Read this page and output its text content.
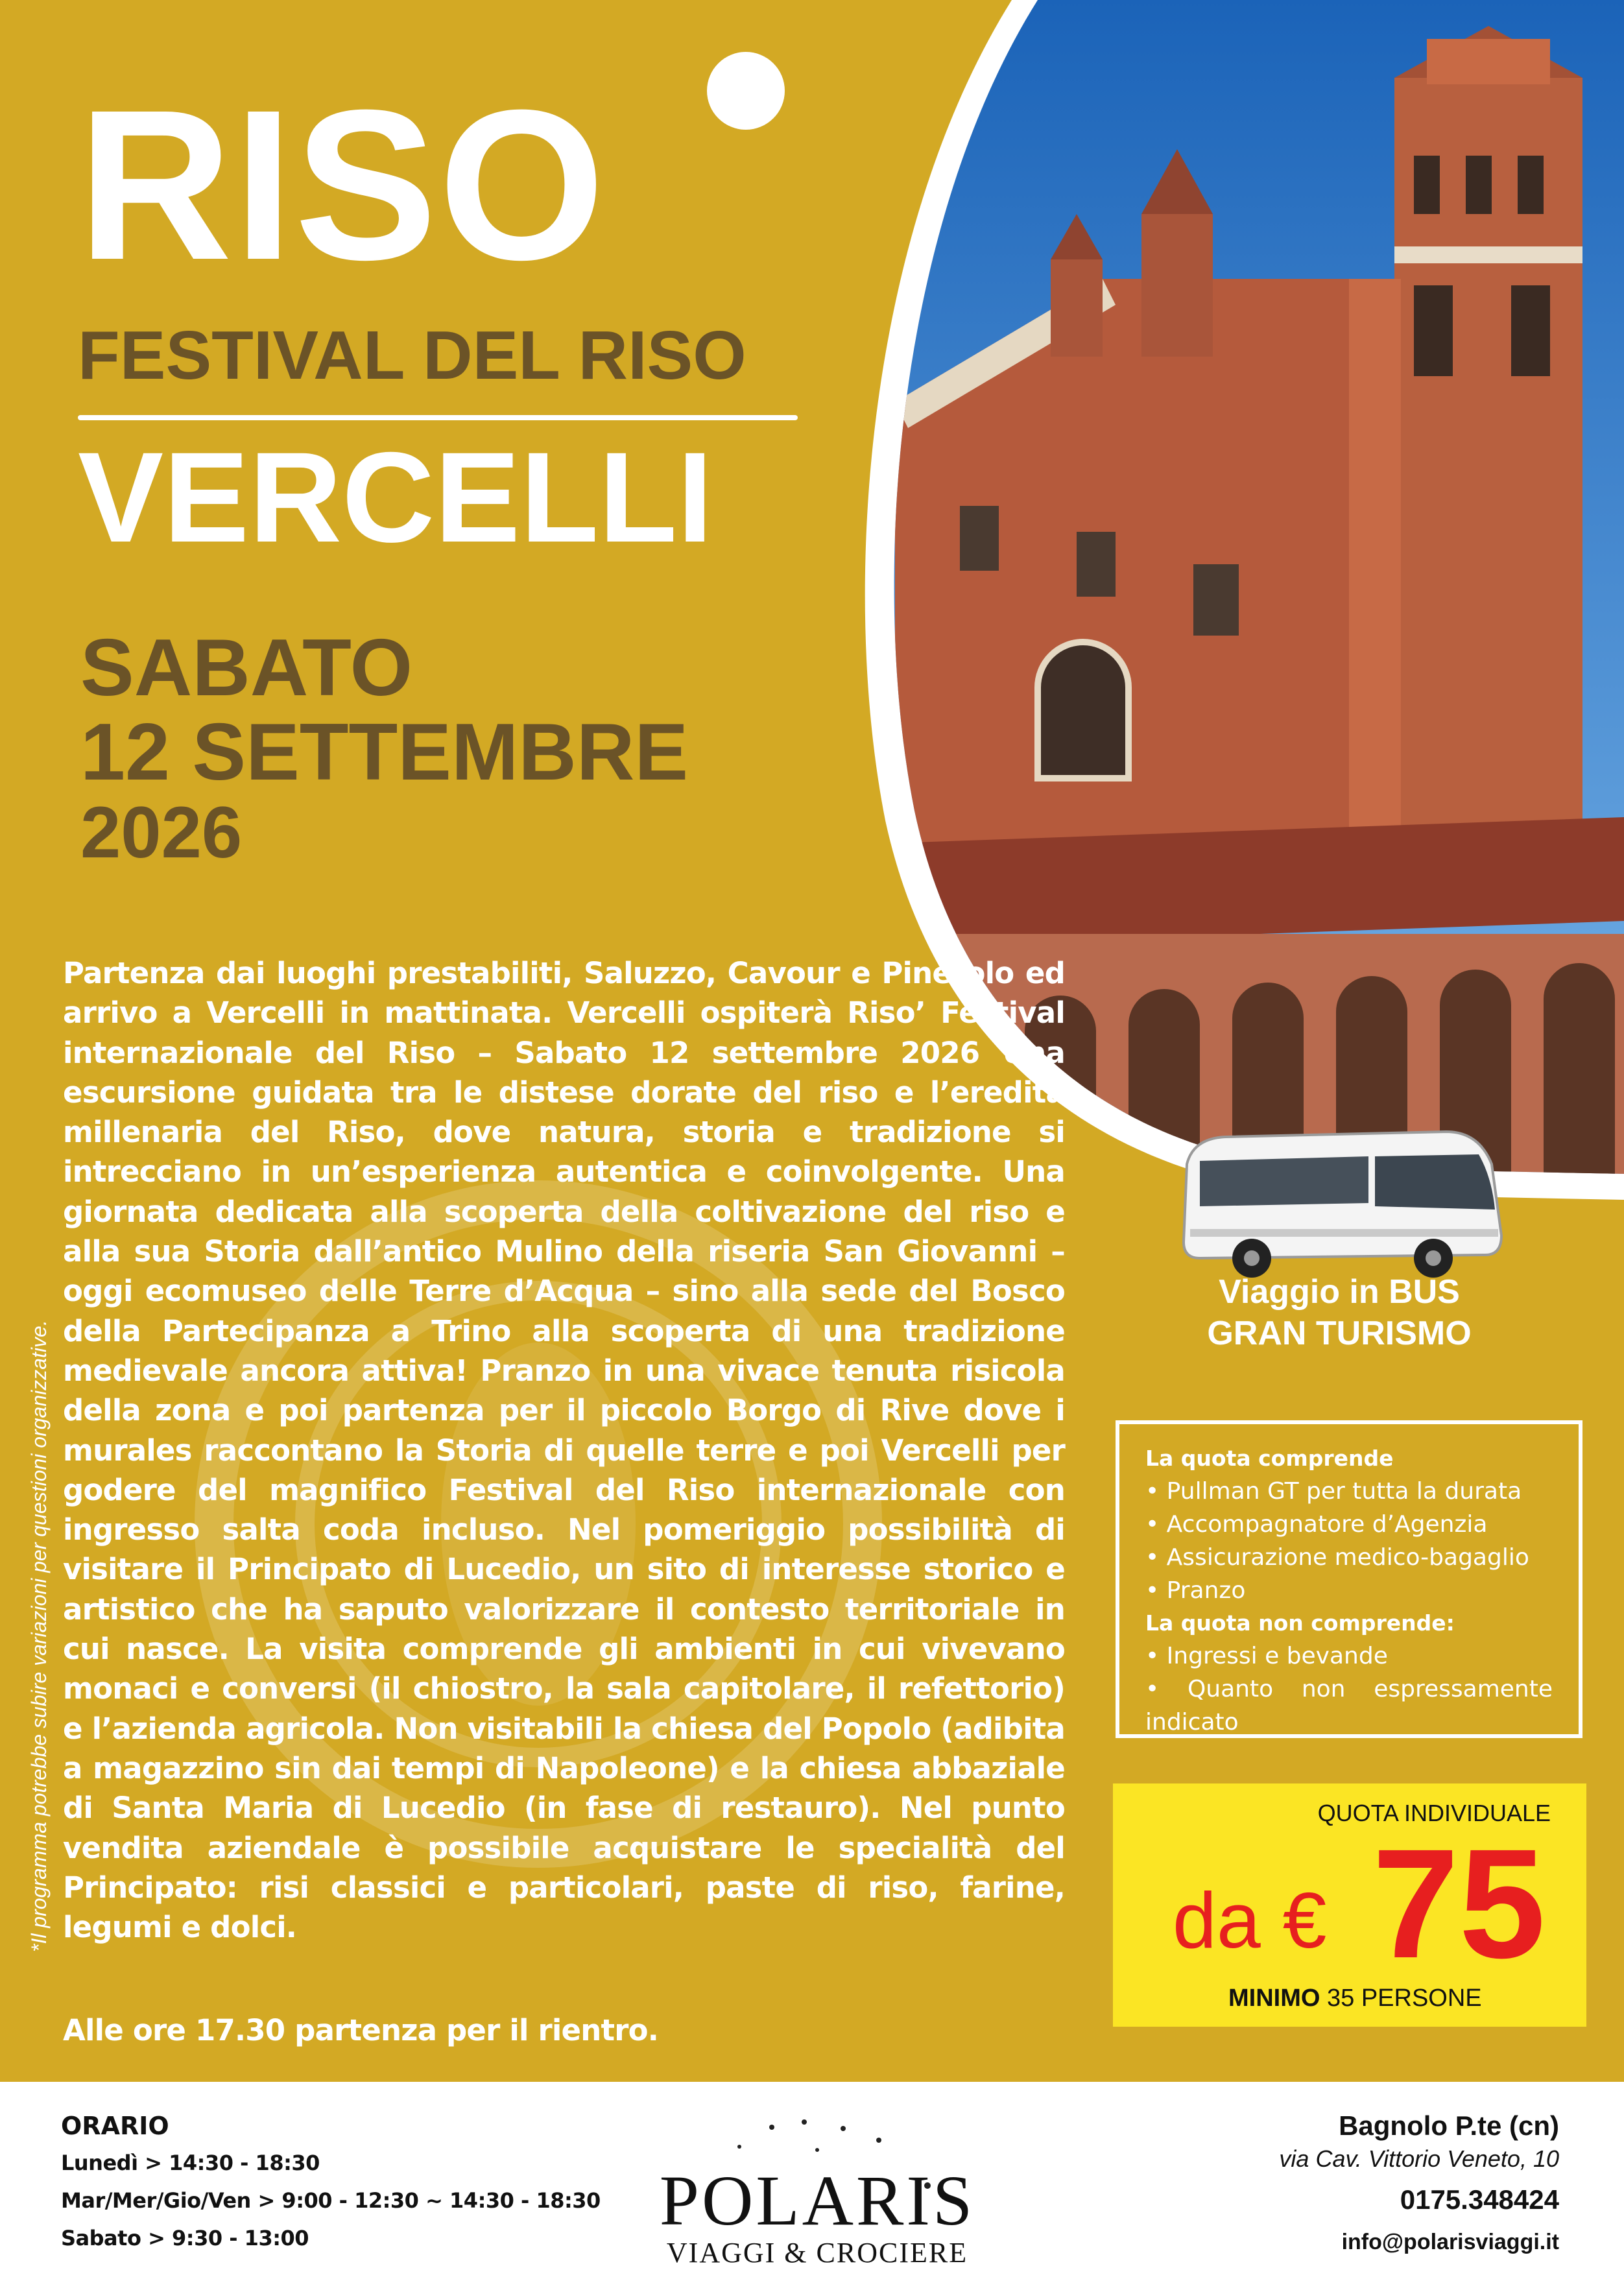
RISO
FESTIVAL DEL RISO
VERCELLI
SABATO
12 SETTEMBRE
2026
Partenza dai luoghi prestabiliti, Saluzzo, Cavour e Pinerolo ed arrivo a Vercelli in mattinata. Vercelli ospiterà Riso’ Festival internazionale del Riso – Sabato 12 settembre 2026 Una escursione guidata tra le distese dorate del riso e l’eredità millenaria del Riso, dove natura, storia e tradizione si intrecciano in un’esperienza autentica e coinvolgente. Una giornata dedicata alla scoperta della coltivazione del riso e alla sua Storia dall’antico Mulino della riseria San Giovanni – oggi ecomuseo delle Terre d’Acqua – sino alla sede del Bosco della Partecipanza a Trino alla scoperta di una tradizione medievale ancora attiva! Pranzo in una vivace tenuta risicola della zona e poi partenza per il piccolo Borgo di Rive dove i murales raccontano la Storia di quelle terre e poi Vercelli per godere del magnifico Festival del Riso internazionale con ingresso salta coda incluso. Nel pomeriggio possibilità di visitare il Principato di Lucedio, un sito di interesse storico e artistico che ha saputo valorizzare il contesto territoriale in cui nasce. La visita comprende gli ambienti in cui vivevano monaci e conversi (il chiostro, la sala capitolare, il refettorio) e l’azienda agricola. Non visitabili la chiesa del Popolo (adibita a magazzino sin dai tempi di Napoleone) e la chiesa abbaziale di Santa Maria di Lucedio (in fase di restauro). Nel punto vendita aziendale è possibile acquistare le specialità del Principato: risi classici e particolari, paste di riso, farine, legumi e dolci.
Alle ore 17.30 partenza per il rientro.
*Il programma potrebbe subire variazioni per questioni organizzative.
Viaggio in BUS
GRAN TURISMO
La quota comprende
• Pullman GT per tutta la durata
• Accompagnatore d’Agenzia
• Assicurazione medico-bagaglio
• Pranzo
La quota non comprende:
• Ingressi e bevande
• Quanto non espressamente indicato
QUOTA INDIVIDUALE
da € 75
MINIMO 35 PERSONE
ORARIO
Lunedì > 14:30 - 18:30
Mar/Mer/Gio/Ven > 9:00 - 12:30 ~ 14:30 - 18:30
Sabato > 9:30 - 13:00	POLARIS
VIAGGI & CROCIERE
Bagnolo P.te (cn)
via Cav. Vittorio Veneto, 10
0175.348424
info@polarisviaggi.it
